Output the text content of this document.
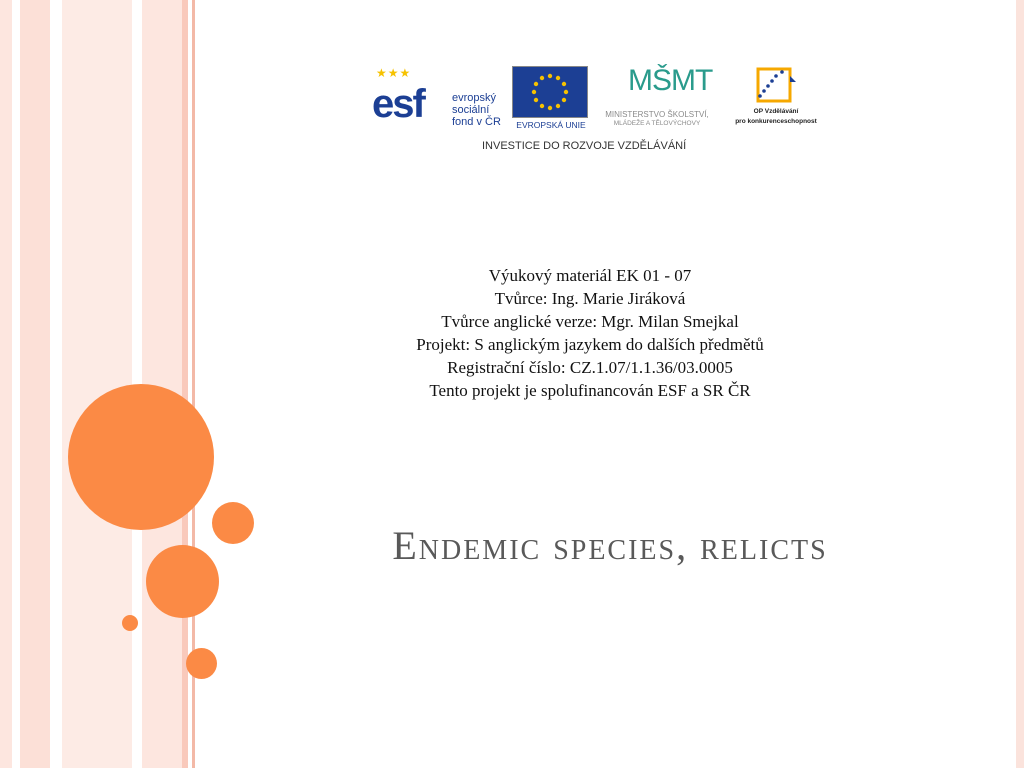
★★★
esf	evropský
sociální
fond v ČR	EVROPSKÁ UNIE
MŠMT
MINISTERSTVO ŠKOLSTVÍ,
MLÁDEŽE A TĚLOVÝCHOVY
OP Vzdělávání
pro konkurenceschopnost
INVESTICE DO ROZVOJE VZDĚLÁVÁNÍ
Výukový materiál EK 01 - 07
Tvůrce: Ing. Marie Jiráková
Tvůrce anglické verze: Mgr. Milan Smejkal
Projekt: S anglickým jazykem do dalších předmětů
Registrační číslo: CZ.1.07/1.1.36/03.0005
Tento projekt je spolufinancován ESF a SR ČR
Endemic species, relicts
